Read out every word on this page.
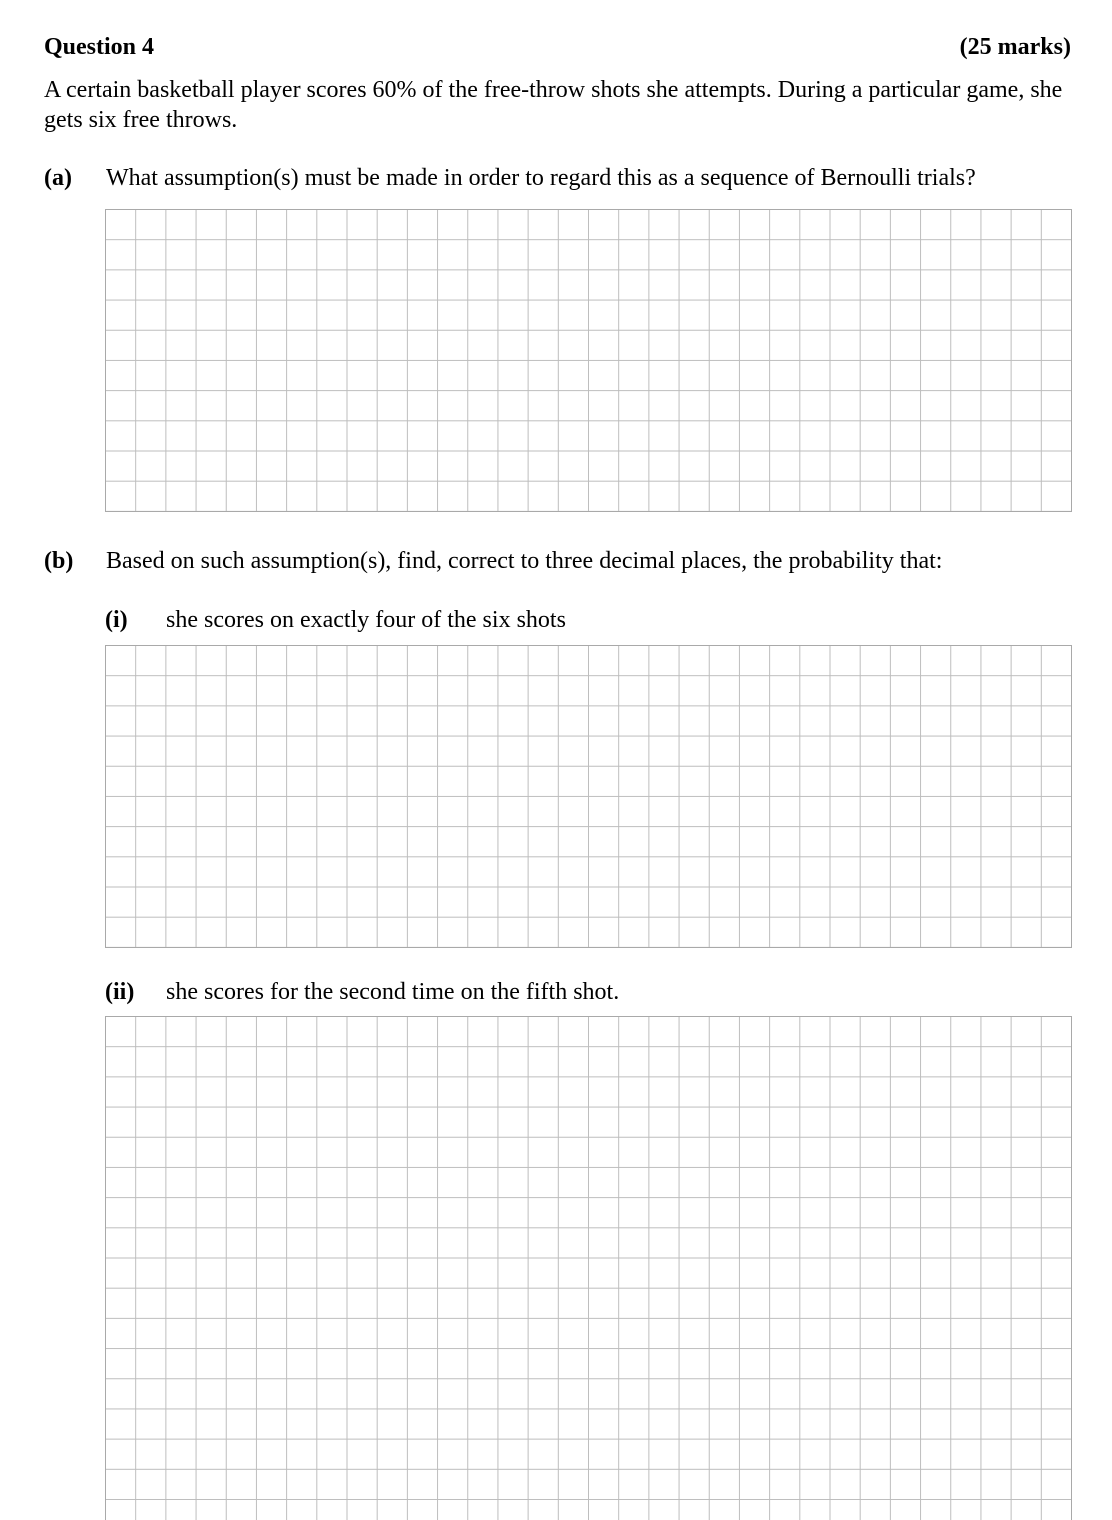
Question 4	(25 marks)

A certain basketball player scores 60% of the free-throw shots she attempts. During a particular game, she gets six free throws.

(a) What assumption(s) must be made in order to regard this as a sequence of Bernoulli trials?
(b) Based on such assumption(s), find, correct to three decimal places, the probability that:
(i) she scores on exactly four of the six shots
(ii) she scores for the second time on the fifth shot.
